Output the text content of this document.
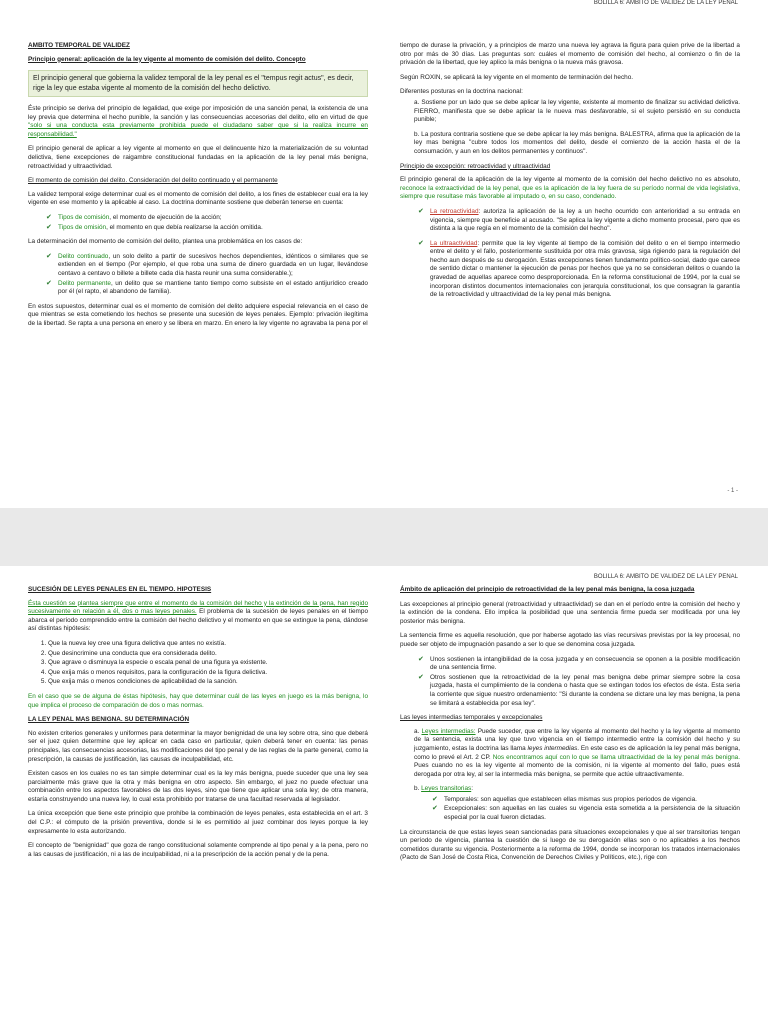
BOLILLA 6: AMBITO DE VALIDEZ DE LA LEY PENAL

AMBITO TEMPORAL DE VALIDEZ

Principio general: aplicación de la ley vigente al momento de comisión del delito. Concepto

El principio general que gobierna la validez temporal de la ley penal es el "tempus regit actus", es decir, rige la ley que estaba vigente al momento de la comisión del hecho delictivo.

Éste principio se deriva del principio de legalidad, que exige por imposición de una sanción penal, la existencia de una ley previa que determina el hecho punible, la sanción y las consecuencias accesorias del delito, ello en virtud de que "solo si una conducta esta previamente prohibida puede el ciudadano saber que si la realiza incurre en responsabilidad."

El principio general de aplicar a ley vigente al momento en que el delincuente hizo la materialización de su voluntad delictiva, tiene excepciones de raigambre constitucional fundadas en la aplicación de la ley penal más benigna, retroactividad y ultraactividad.

El momento de comisión del delito. Consideración del delito continuado y el permanente

La validez temporal exige determinar cual es el momento de comisión del delito, a los fines de establecer cual era la ley vigente en ese momento y la aplicable al caso. La doctrina dominante sostiene que deberán tenerse en cuenta:

✔ Tipos de comisión, el momento de ejecución de la acción;
✔ Tipos de omisión, el momento en que debía realizarse la acción omitida.

La determinación del momento de comisión del delito, plantea una problemática en los casos de:

✔ Delito continuado, un solo delito a partir de sucesivos hechos dependientes, idénticos o similares que se extienden en el tiempo (Por ejemplo, el que roba una suma de dinero guardada en un lugar, llevándose centavo a centavo o billete a billete cada día hasta reunir una suma considerable.);
✔ Delito permanente, un delito que se mantiene tanto tiempo como subsiste en el estado antijurídico creado por él (el rapto, el abandono de familia).

En estos supuestos, determinar cual es el momento de comisión del delito adquiere especial relevancia en el caso de que mientras se esta cometiendo los hechos se presente una sucesión de leyes penales. Ejemplo: privación ilegítima de la libertad. Se rapta a una persona en enero y se libera en marzo. En enero la ley vigente no agravaba la pena por el

tiempo de durase la privación, y a principios de marzo una nueva ley agrava la figura para quien prive de la libertad a otro por más de 30 días. Las preguntas son: cuáles el momento de comisión del hecho, al comienzo o fin de la privación de la libertad, que ley aplico la más benigna o la nueva más gravosa.

Según ROXIN, se aplicará la ley vigente en el momento de terminación del hecho.

Diferentes posturas en la doctrina nacional:

a. Sostiene por un lado que se debe aplicar la ley vigente, existente al momento de finalizar su actividad delictiva. FIERRO, manifiesta que se debe aplicar la le nueva mas desfavorable, si el sujeto persistió en su conducta punible;

b. La postura contraria sostiene que se debe aplicar la ley más benigna. BALESTRA, afirma que la aplicación de la ley mas benigna "cubre todos los momentos del delito, desde el comienzo de la acción hasta el de la consumación, y aun en los delitos permanentes y continuos".

Principio de excepción: retroactividad y ultraactividad

El principio general de la aplicación de la ley vigente al momento de la comisión del hecho delictivo no es absoluto, reconoce la extraactividad de la ley penal, que es la aplicación de la ley fuera de su período normal de vida legislativa, siempre que resultase más favorable al imputado o, en su caso, condenado.

✔ La retroactividad: autoriza la aplicación de la ley a un hecho ocurrido con anterioridad a su entrada en vigencia, siempre que beneficie al acusado. "Se aplica la ley vigente a dicho momento procesal, pero que es distinta a la que regía en el momento de la comisión del hecho".
✔ La ultraactividad: permite que la ley vigente al tiempo de la comisión del delito o en el tiempo intermedio entre el delito y el fallo, posteriormente sustituida por otra más gravosa, siga rigiendo para la regulación del hecho aun después de su derogación. Estas excepciones tienen fundamento político-social, dado que carece de sentido dictar o mantener la ejecución de penas por hechos que ya no se consideran delitos o cuando la gravedad de aquellas aparece como desproporcionada. En la reforma constitucional de 1994, por la cual se incorporan distintos documentos internacionales con jerarquía constitucional, los que consagran la garantía de la retroactividad y ultraactividad de la ley penal más benigna.
- 1 -
BOLILLA 6: AMBITO DE VALIDEZ DE LA LEY PENAL

SUCESIÓN DE LEYES PENALES EN EL TIEMPO. HIPOTESIS

Ésta cuestión se plantea siempre que entre el momento de la comisión del hecho y la extinción de la pena, han regido sucesivamente en relación a él, dos o mas leyes penales. El problema de la sucesión de leyes penales en el tiempo abarca el período comprendido entre la comisión del hecho delictivo y el momento en que se extingue la pena, dándose así distintas hipótesis:

1. Que la nueva ley cree una figura delictiva que antes no existía.
2. Que desincrimine una conducta que era considerada delito.
3. Que agrave o disminuya la especie o escala penal de una figura ya existente.
4. Que exija más o menos requisitos, para la configuración de la figura delictiva.
5. Que exija más o menos condiciones de aplicabilidad de la sanción.

En el caso que se de alguna de éstas hipótesis, hay que determinar cuál de las leyes en juego es la más benigna, lo que implica el proceso de comparación de dos o mas normas.

LA LEY PENAL MAS BENIGNA. SU DETERMINACIÓN

No existen criterios generales y uniformes para determinar la mayor benignidad de una ley sobre otra, sino que deberá ser el juez quien determine que ley aplicar en cada caso en particular, quien deberá tener en cuenta: las penas principales, las consecuencias accesorias, las modificaciones del tipo penal y de las reglas de la parte general, como la prescripción, la causas de justificación, las causas de inculpabilidad, etc.

Existen casos en los cuales no es tan simple determinar cual es la ley más benigna, puede suceder que una ley sea parcialmente más grave que la otra y más benigna en otro aspecto. Sin embargo, el juez no puede efectuar una combinación entre los aspectos favorables de las dos leyes, sino que tiene que aplicar una sola ley; de otra manera, estaría construyendo una nueva ley, lo cual esta prohibido por tratarse de una facultad reservada al legislador.

La única excepción que tiene este principio que prohíbe la combinación de leyes penales, esta establecida en el art. 3 del C.P.: el cómputo de la prisión preventiva, donde si le es permitido al juez combinar dos leyes porque la ley expresamente lo esta autorizando.

El concepto de "benignidad" que goza de rango constitucional solamente comprende al tipo penal y a la pena, pero no a las causas de justificación, ni a las de inculpabilidad, ni a la prescripción de la acción penal y de la pena.

Ámbito de aplicación del principio de retroactividad de la ley penal más benigna, la cosa juzgada

Las excepciones al principio general (retroactividad y ultraactividad) se dan en el período entre la comisión del hecho y la extinción de la condena. Ello implica la posibilidad que una sentencia firme pueda ser modificada por una ley posterior más benigna.

La sentencia firme es aquella resolución, que por haberse agotado las vías recursivas previstas por la ley procesal, no puede ser objeto de impugnación pasando a ser lo que se denomina cosa juzgada.

✔ Unos sostienen la intangibilidad de la cosa juzgada y en consecuencia se oponen a la posible modificación de una sentencia firme.
✔ Otros sostienen que la retroactividad de la ley penal mas benigna debe primar siempre sobre la cosa juzgada, hasta el cumplimiento de la condena o hasta que se extingan todos los efectos de ésta. Esta seria la corriente que sigue nuestro ordenamiento: "Si durante la condena se dictare una ley mas benigna, la pena se limitará a establecida por esa ley".

Las leyes intermedias temporales y excepcionales

a. Leyes intermedias: Puede suceder, que entre la ley vigente al momento del hecho y la ley vigente al momento de la sentencia, exista una ley que tuvo vigencia en el tiempo intermedio entre la comisión del hecho y su juzgamiento, estas la doctrina las llama leyes intermedias. En este caso es de aplicación la ley penal más benigna, como lo prevé el Art. 2 CP. Nos encontramos aquí con lo que se llama ultraactividad de la ley penal más benigna. Pues cuando no es la ley vigente al momento de la comisión, ni la vigente al momento del fallo, pues está derogada por otra ley, al ser la intermedia más benigna, se permite que actúe ultraactivamente.

b. Leyes transitorias:

✔ Temporales: son aquellas que establecen ellas mismas sus propios periodos de vigencia.
✔ Excepcionales: son aquellas en las cuales su vigencia esta sometida a la persistencia de la situación especial por la cual fueron dictadas.

La circunstancia de que estas leyes sean sancionadas para situaciones excepcionales y que al ser transitorias tengan un período de vigencia, plantea la cuestión de si luego de su derogación ellas son o no aplicables a los hechos cometidos durante su vigencia. Posteriormente a la reforma de 1994, donde se incorporan los tratados internacionales (Pacto de San José de Costa Rica, Convención de Derechos Civiles y Políticos, etc.), rige con
